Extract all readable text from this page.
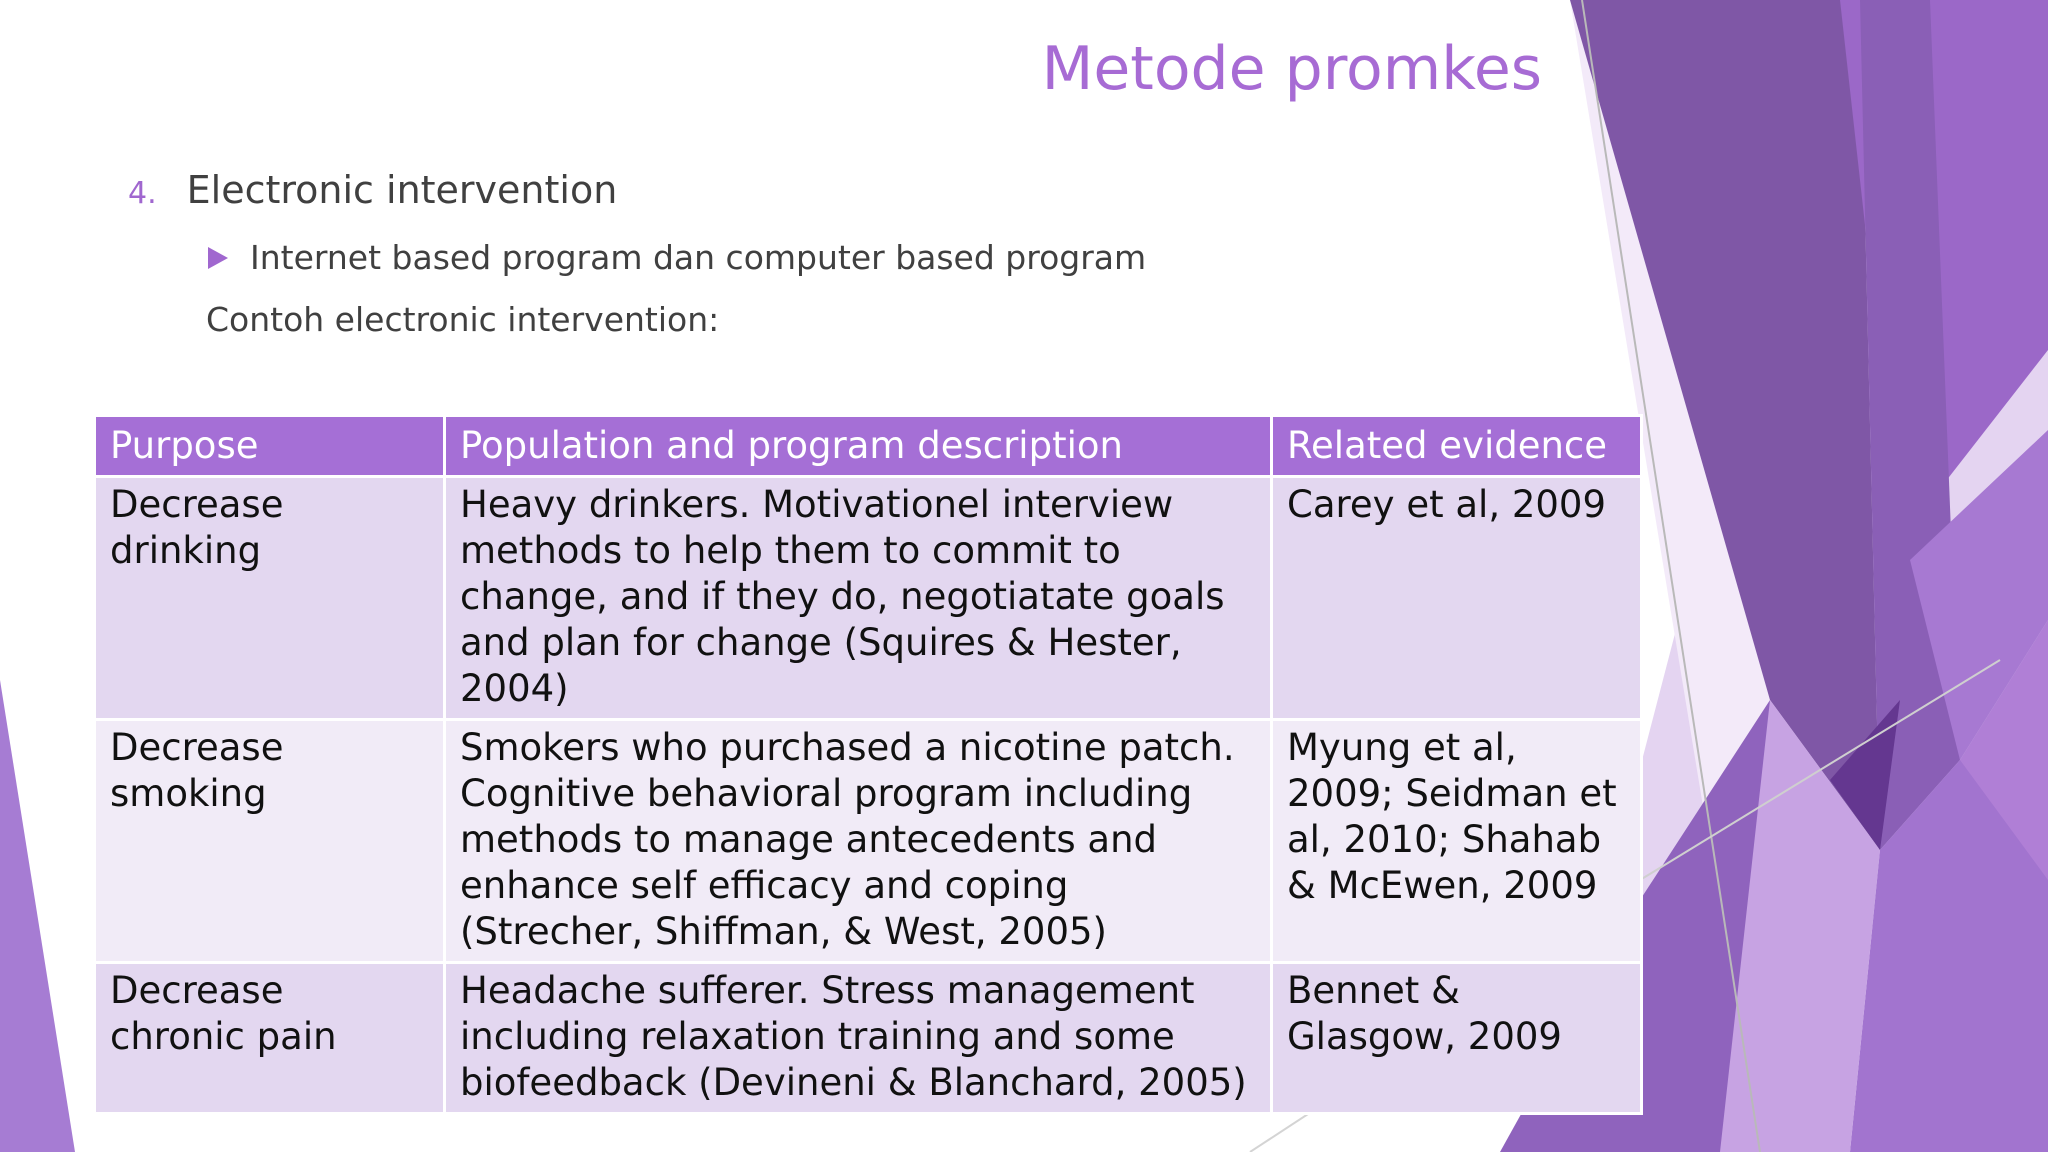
Metode promkes
4. Electronic intervention
Internet based program dan computer based program
Contoh electronic intervention:
Purpose	Population and program description	Related evidence
Decrease drinking	Heavy drinkers. Motivationel interview methods to help them to commit to change, and if they do, negotiatate goals and plan for change (Squires & Hester, 2004)	Carey et al, 2009
Decrease smoking	Smokers who purchased a nicotine patch. Cognitive behavioral program including methods to manage antecedents and enhance self efficacy and coping (Strecher, Shiffman, & West, 2005)	Myung et al, 2009; Seidman et al, 2010; Shahab & McEwen, 2009
Decrease chronic pain	Headache sufferer. Stress management including relaxation training and some biofeedback (Devineni & Blanchard, 2005)	Bennet & Glasgow, 2009
